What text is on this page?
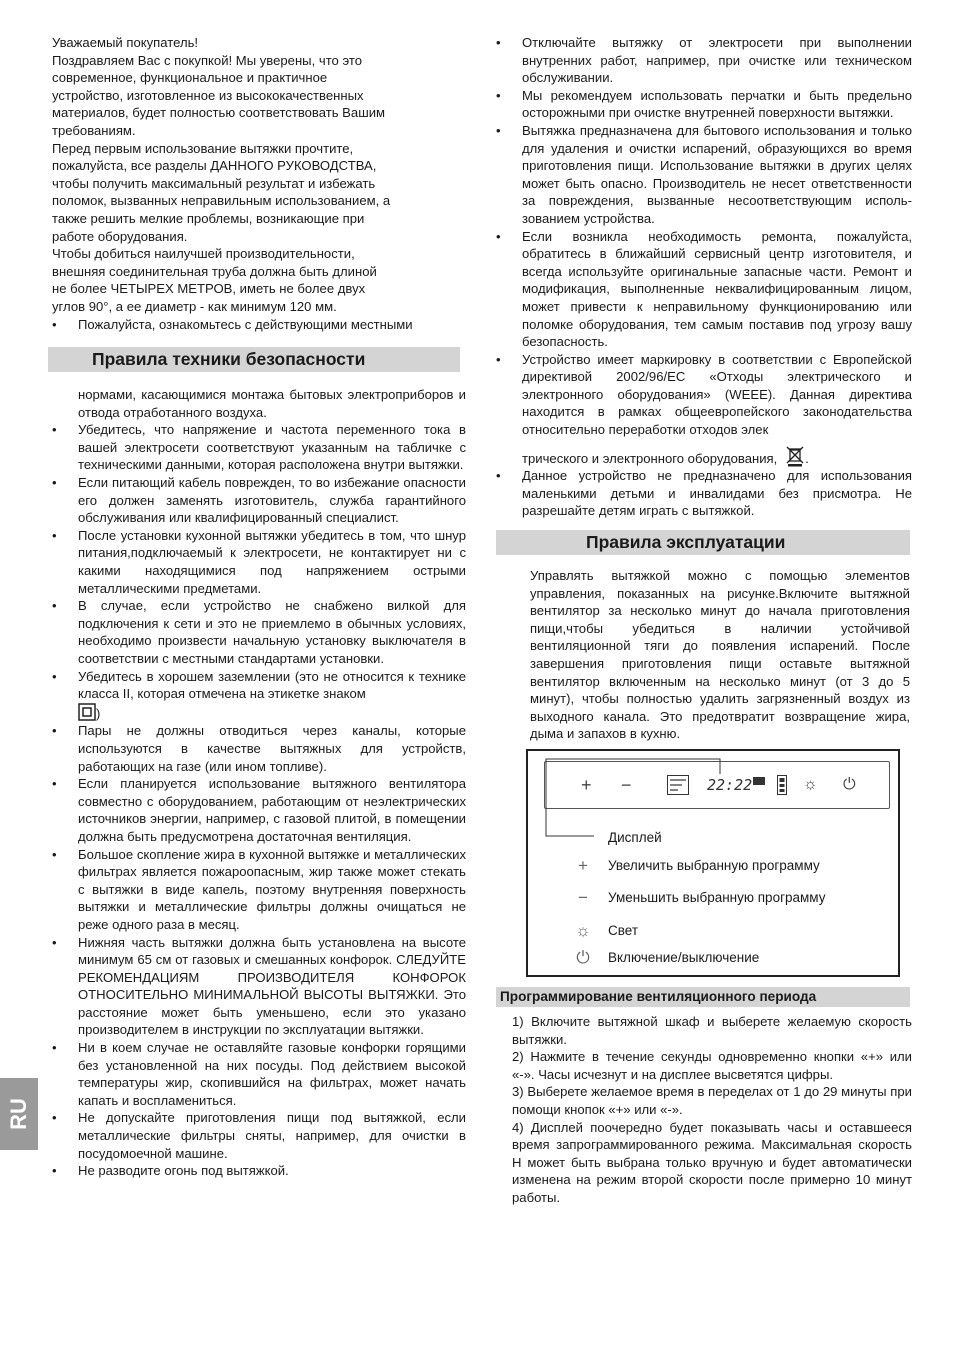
RU

Уважаемый покупатель!

Поздравляем Вас с покупкой! Мы уверены, что это

современное, функциональное и практичное

устройство, изготовленное из высококачественных

материалов, будет полностью соответствовать Вашим

требованиям.

Перед первым использование вытяжки прочтите,

пожалуйста, все разделы ДАННОГО РУКОВОДСТВА,

чтобы получить максимальный результат и избежать

поломок, вызванных неправильным использованием, а

также решить мелкие проблемы, возникающие при

работе оборудования.

Чтобы добиться наилучшей производительности,

внешняя соединительная труба должна быть длиной

не более ЧЕТЫРЕХ МЕТРОВ, иметь не более двух

углов 90°, а ее диаметр - как минимум 120 мм.

• Пожалуйста, ознакомьтесь с действующими местными

Правила техники безопасности

нормами, касающимися монтажа бытовых электроприборов и отвода отработанного воздуха.

• Убедитесь, что напряжение и частота переменного тока в вашей электросети соответствуют указанным на табличке с техническими данными, которая расположена внутри вытяжки.

• Если питающий кабель поврежден, то во избежание опасности его должен заменять изготовитель, служба гарантийного обслуживания или квалифицированный специалист.

• После установки кухонной вытяжки убедитесь в том, что шнур питания,подключаемый к электросети, не контактирует ни с какими находящимися под напряжением острыми металлическими предметами.

• В случае, если устройство не снабжено вилкой для подключения к сети и это не приемлемо в обычных условиях, необходимо произвести начальную установку выключателя в соответствии с местными стандартами установки.

• Убедитесь в хорошем заземлении (это не относится к технике класса II, которая отмечена на этикетке знаком
)

• Пары не должны отводиться через каналы, которые используются в качестве вытяжных для устройств, работающих на газе (или ином топливе).

• Если планируется использование вытяжного вентилятора совместно с оборудованием, работающим от неэлектрических источников энергии, например, с газовой плитой, в помещении должна быть предусмотрена достаточная вентиляция.

• Большое скопление жира в кухонной вытяжке и металлических фильтрах является пожароопасным, жир также может стекать с вытяжки в виде капель, поэтому внутренняя поверхность вытяжки и металлические фильтры должны очищаться не реже одного раза в месяц.

• Нижняя часть вытяжки должна быть установлена на высоте минимум 65 см от газовых и смешанных конфорок. СЛЕДУЙТЕ РЕКОМЕНДАЦИЯМ ПРОИЗВОДИТЕЛЯ КОНФОРОК ОТНОСИТЕЛЬНО МИНИМАЛЬНОЙ ВЫСОТЫ ВЫТЯЖКИ. Это расстояние может быть уменьшено, если это указано производителем в инструкции по эксплуатации вытяжки.

• Ни в коем случае не оставляйте газовые конфорки горящими без установленной на них посуды. Под действием высокой температуры жир, скопившийся на фильтрах, может начать капать и воспламениться.

• Не допускайте приготовления пищи под вытяжкой, если металлические фильтры сняты, например, для очистки в посудомоечной машине.

• Не разводите огонь под вытяжкой.

• Отключайте вытяжку от электросети при выполнении внутренних работ, например, при очистке или техническом обслуживании.

• Мы рекомендуем использовать перчатки и быть предельно осторожными при очистке внутренней поверхности вытяжки.

• Вытяжка предназначена для бытового использования и только для удаления и очистки испарений, образующихся во время приготовления пищи. Использование вытяжки в других целях может быть опасно. Производитель не несет ответственности за повреждения, вызванные несоответствующим использованием устройства.

• Если возникла необходимость ремонта, пожалуйста, обратитесь в ближайший сервисный центр изготовителя, и всегда используйте оригинальные запасные части. Ремонт и модификация, выполненные неквалифицированным лицом, может привести к неправильному функционированию или поломке оборудования, тем самым поставив под угрозу вашу безопасность.

• Устройство имеет маркировку в соответствии с Европейской директивой 2002/96/ЕС «Отходы электрического и электронного оборудования» (WEEE). Данная директива находится в рамках общеевропейского законодательства относительно переработки отходов элек
трического и электронного оборудования, .

• Данное устройство не предназначено для использования маленькими детьми и инвалидами без присмотра. Не разрешайте детям играть с вытяжкой.

Правила эксплуатации

Управлять вытяжкой можно с помощью элементов управления, показанных на рисунке.Включите вытяжной вентилятор за несколько минут до начала приготовления пищи,чтобы убедиться в наличии устойчивой вентиляционной тяги до появления испарений. После завершения приготовления пищи оставьте вытяжной вентилятор включенным на несколько минут (от 3 до 5 минут), чтобы полностью удалить загрязненный воздух из выходного канала. Это предотвратит возвращение жира, дыма и запахов в кухню.

+ −	22:22	☼ ⏻
Дисплей
+	Увеличить выбранную программу
−	Уменьшить выбранную программу
☼ Свет
⏻	Включение/выключение
Программирование вентиляционного периода

1) Включите вытяжной шкаф и выберете желаемую скорость вытяжки.

2) Нажмите в течение секунды одновременно кнопки «+» или «-». Часы исчезнут и на дисплее высветятся цифры.

3) Выберете желаемое время в переделах от 1 до 29 минуты при помощи кнопок «+» или «-».

4) Дисплей поочередно будет показывать часы и оставшееся время запрограммированного режима. Максимальная скорость Н может быть выбрана только вручную и будет автоматически изменена на режим второй скорости после примерно 10 минут работы.
